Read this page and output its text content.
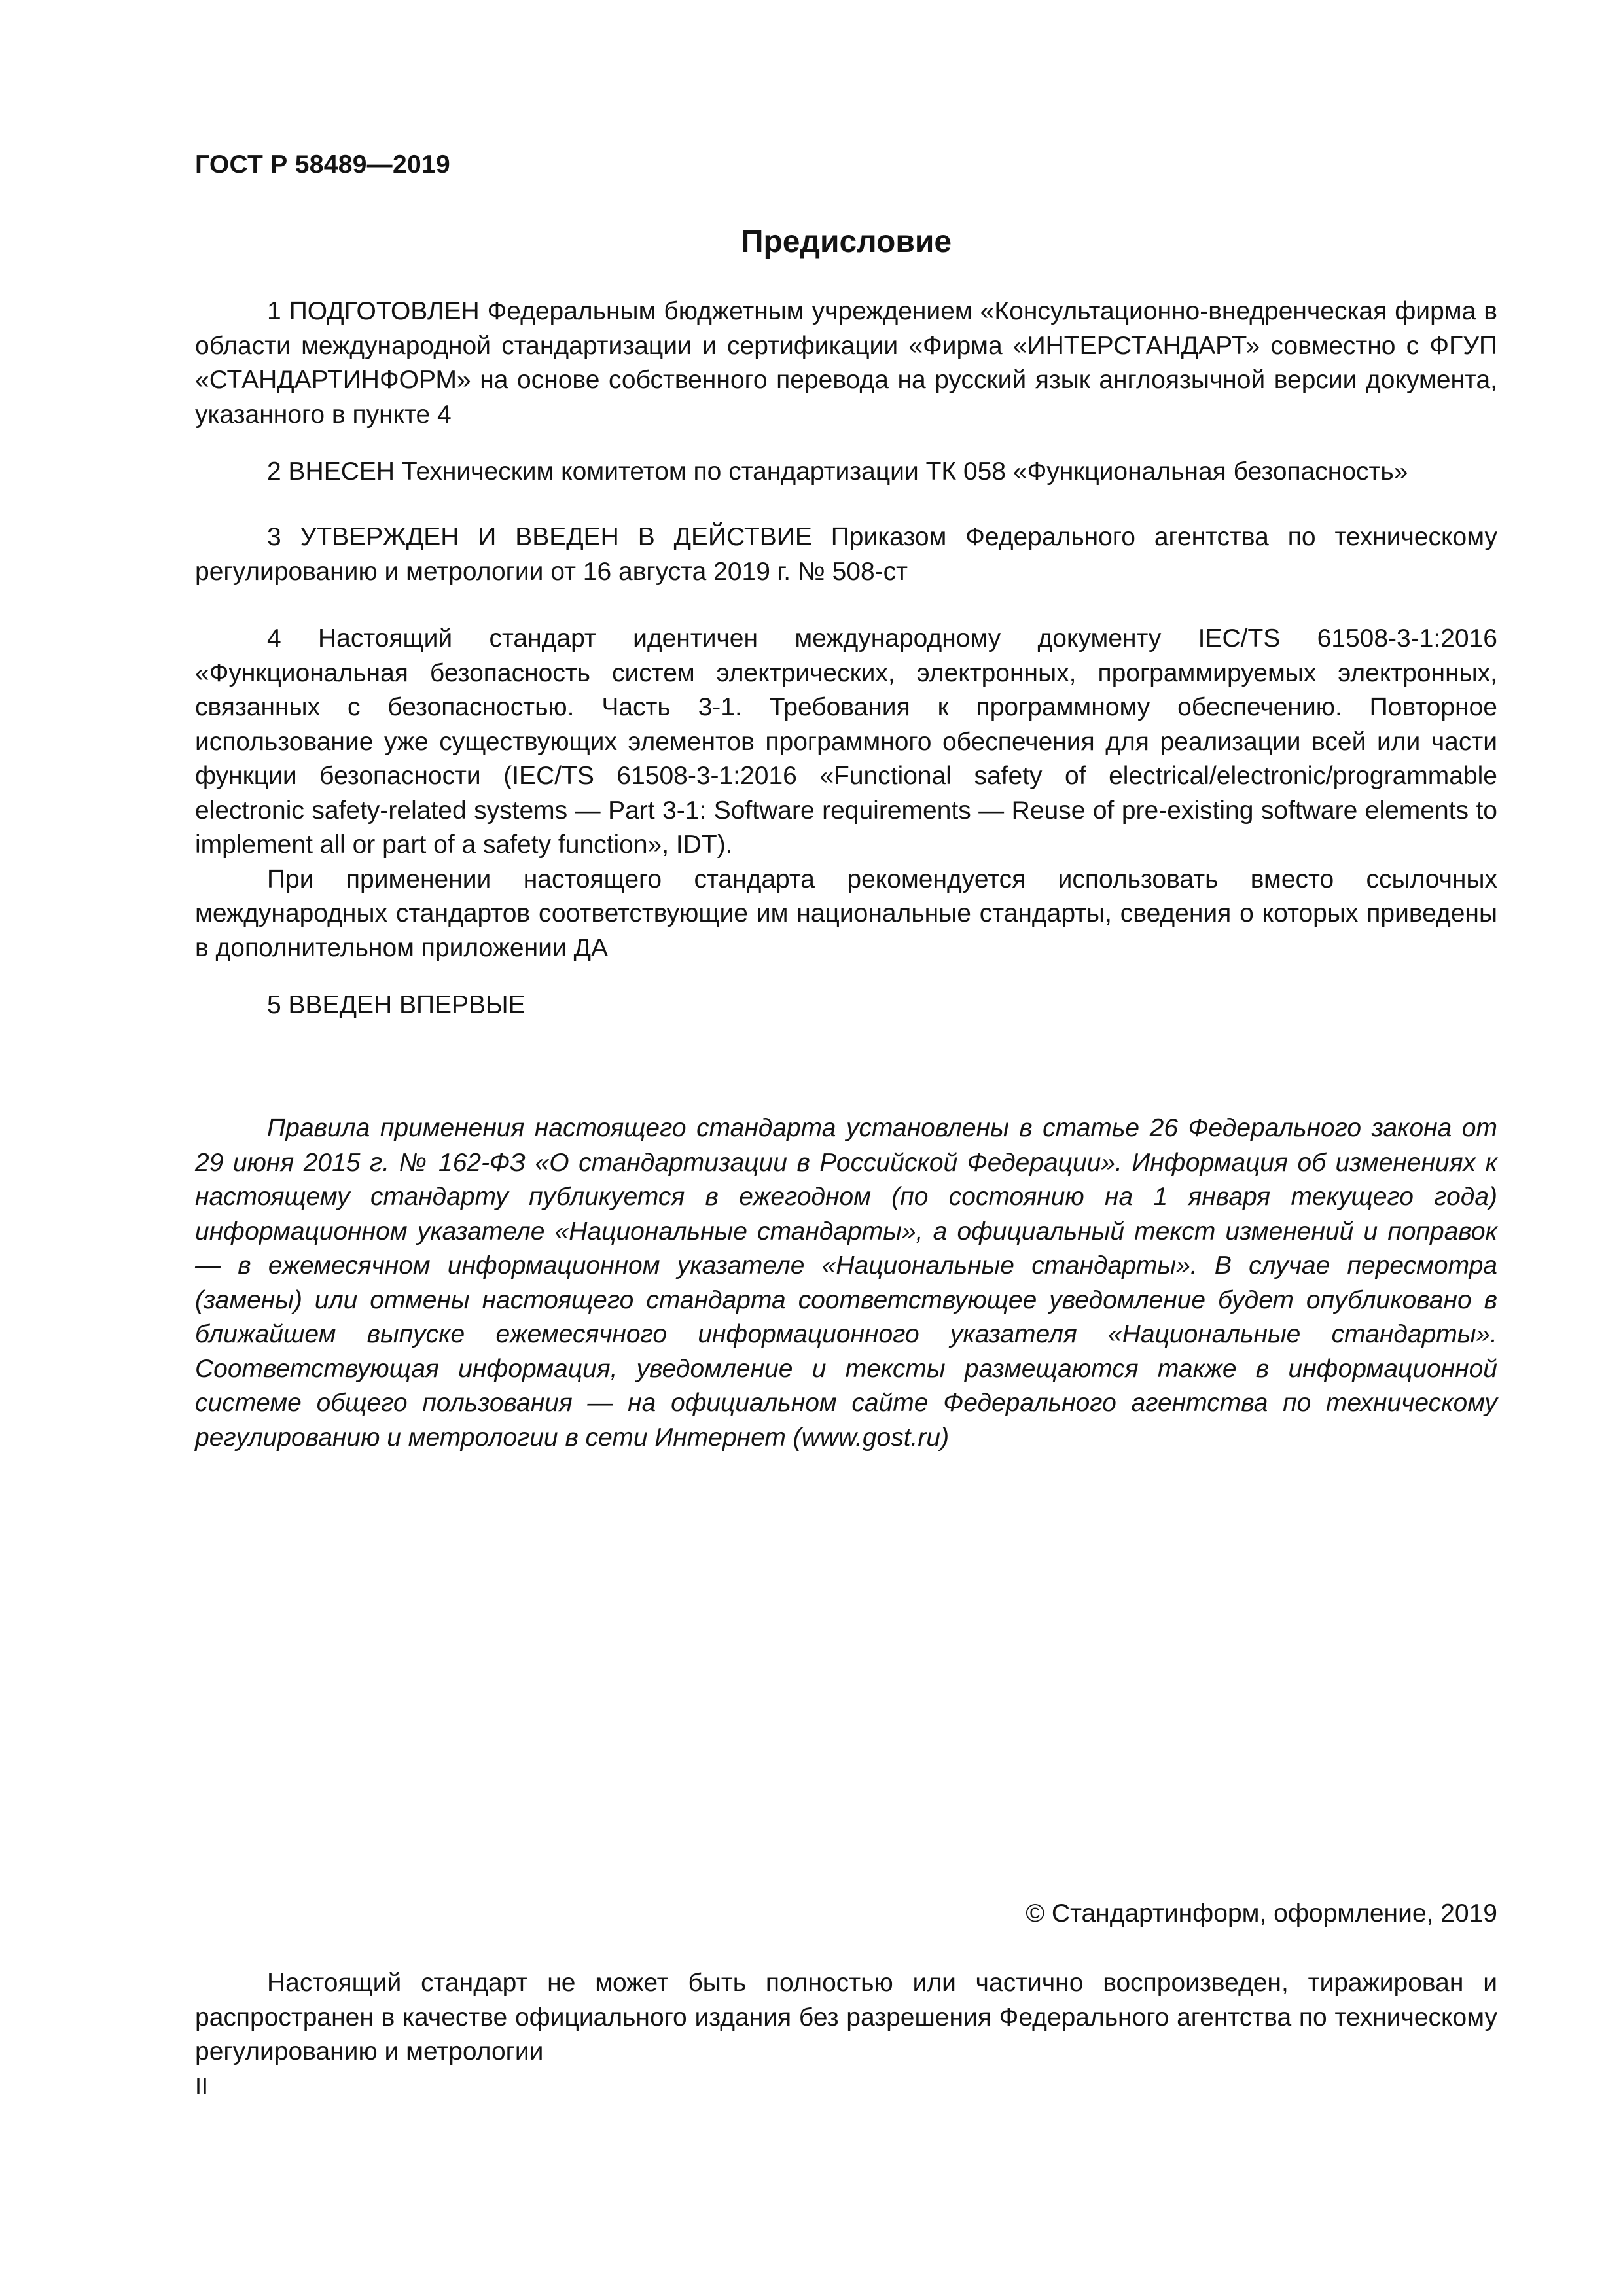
ГОСТ Р 58489—2019
Предисловие

1 ПОДГОТОВЛЕН Федеральным бюджетным учреждением «Консультационно-внедренческая фирма в области международной стандартизации и сертификации «Фирма «ИНТЕРСТАНДАРТ» совместно с ФГУП «СТАНДАРТИНФОРМ» на основе собственного перевода на русский язык англоязычной версии документа, указанного в пункте 4

2 ВНЕСЕН Техническим комитетом по стандартизации ТК 058 «Функциональная безопасность»

3 УТВЕРЖДЕН И ВВЕДЕН В ДЕЙСТВИЕ Приказом Федерального агентства по техническому регулированию и метрологии от 16 августа 2019 г. № 508-ст

4 Настоящий стандарт идентичен международному документу IEC/TS 61508-3-1:2016 «Функциональная безопасность систем электрических, электронных, программируемых электронных, связанных с безопасностью. Часть 3-1. Требования к программному обеспечению. Повторное использование уже существующих элементов программного обеспечения для реализации всей или части функции безопасности (IEC/TS 61508-3-1:2016 «Functional safety of electrical/electronic/programmable electronic safety-related systems — Part 3-1: Software requirements — Reuse of pre-existing software elements to implement all or part of a safety function», IDT).

При применении настоящего стандарта рекомендуется использовать вместо ссылочных международных стандартов соответствующие им национальные стандарты, сведения о которых приведены в дополнительном приложении ДА

5 ВВЕДЕН ВПЕРВЫЕ

Правила применения настоящего стандарта установлены в статье 26 Федерального закона от 29 июня 2015 г. № 162-ФЗ «О стандартизации в Российской Федерации». Информация об изменениях к настоящему стандарту публикуется в ежегодном (по состоянию на 1 января текущего года) информационном указателе «Национальные стандарты», а официальный текст изменений и поправок — в ежемесячном информационном указателе «Национальные стандарты». В случае пересмотра (замены) или отмены настоящего стандарта соответствующее уведомление будет опубликовано в ближайшем выпуске ежемесячного информационного указателя «Национальные стандарты». Соответствующая информация, уведомление и тексты размещаются также в информационной системе общего пользования — на официальном сайте Федерального агентства по техническому регулированию и метрологии в сети Интернет (www.gost.ru)

© Стандартинформ, оформление, 2019

Настоящий стандарт не может быть полностью или частично воспроизведен, тиражирован и распространен в качестве официального издания без разрешения Федерального агентства по техническому регулированию и метрологии

II
